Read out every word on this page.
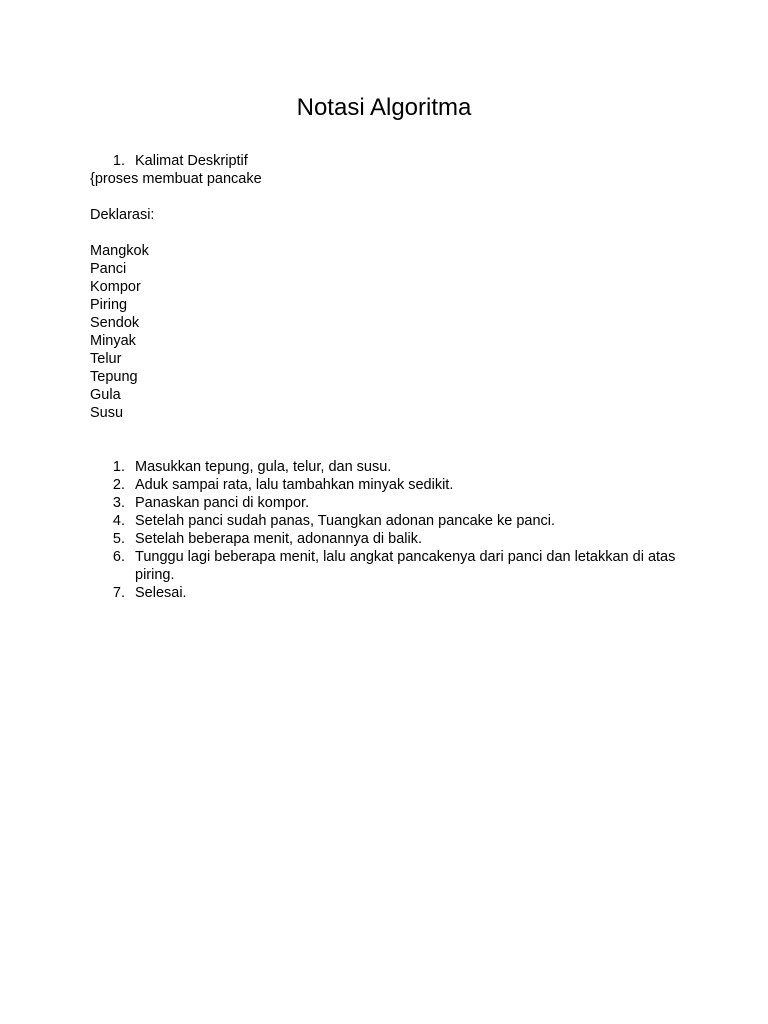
Notasi Algoritma
1. Kalimat Deskriptif
{proses membuat pancake
Deklarasi:
Mangkok
Panci
Kompor
Piring
Sendok
Minyak
Telur
Tepung
Gula
Susu
1. Masukkan tepung, gula, telur, dan susu.
2. Aduk sampai rata, lalu tambahkan minyak sedikit.
3. Panaskan panci di kompor.
4. Setelah panci sudah panas, Tuangkan adonan pancake ke panci.
5. Setelah beberapa menit, adonannya di balik.
6. Tunggu lagi beberapa menit, lalu angkat pancakenya dari panci dan letakkan di atas piring.
7. Selesai.
